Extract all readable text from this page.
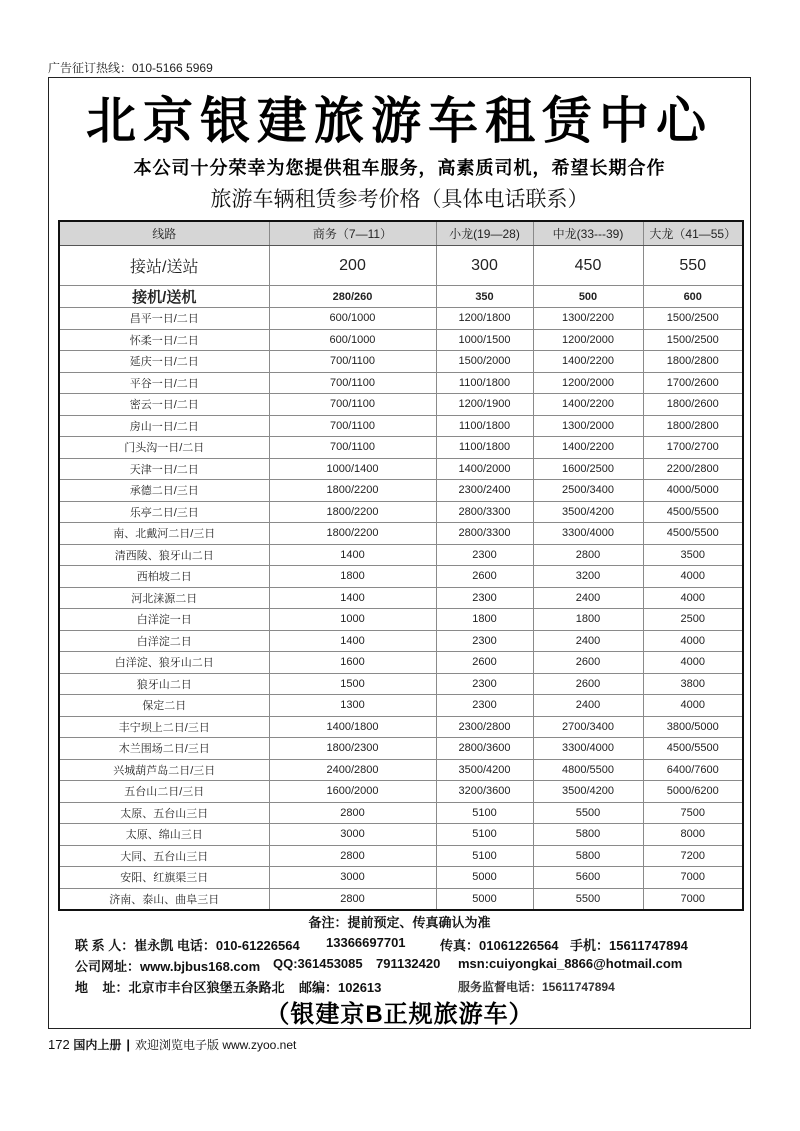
广告征订热线：010-5166 5969
北京银建旅游车租赁中心
本公司十分荣幸为您提供租车服务，高素质司机，希望长期合作
旅游车辆租赁参考价格（具体电话联系）
线路	商务（7—11）	小龙(19—28)	中龙(33---39)	大龙（41—55）
接站/送站	200	300	450	550
接机/送机	280/260	350	500	600
昌平一日/二日	600/1000	1200/1800	1300/2200	1500/2500
怀柔一日/二日	600/1000	1000/1500	1200/2000	1500/2500
延庆一日/二日	700/1100	1500/2000	1400/2200	1800/2800
平谷一日/二日	700/1100	1100/1800	1200/2000	1700/2600
密云一日/二日	700/1100	1200/1900	1400/2200	1800/2600
房山一日/二日	700/1100	1100/1800	1300/2000	1800/2800
门头沟一日/二日	700/1100	1100/1800	1400/2200	1700/2700
天津一日/二日	1000/1400	1400/2000	1600/2500	2200/2800
承德二日/三日	1800/2200	2300/2400	2500/3400	4000/5000
乐亭二日/三日	1800/2200	2800/3300	3500/4200	4500/5500
南、北戴河二日/三日	1800/2200	2800/3300	3300/4000	4500/5500
清西陵、狼牙山二日	1400	2300	2800	3500
西柏坡二日	1800	2600	3200	4000
河北涞源二日	1400	2300	2400	4000
白洋淀一日	1000	1800	1800	2500
白洋淀二日	1400	2300	2400	4000
白洋淀、狼牙山二日	1600	2600	2600	4000
狼牙山二日	1500	2300	2600	3800
保定二日	1300	2300	2400	4000
丰宁坝上二日/三日	1400/1800	2300/2800	2700/3400	3800/5000
木兰围场二日/三日	1800/2300	2800/3600	3300/4000	4500/5500
兴城葫芦岛二日/三日	2400/2800	3500/4200	4800/5500	6400/7600
五台山二日/三日	1600/2000	3200/3600	3500/4200	5000/6200
太原、五台山三日	2800	5100	5500	7500
太原、绵山三日	3000	5100	5800	8000
大同、五台山三日	2800	5100	5800	7200
安阳、红旗渠三日	3000	5000	5600	7000
济南、泰山、曲阜三日	2800	5000	5500	7000
备注：提前预定、传真确认为准
联 系 人：崔永凯 电话：010-61226564 13366697701	传真：01061226564 手机：15611747894
公司网址：www.bjbus168.com QQ:361453085 791132420 msn:cuiyongkai_8866@hotmail.com
地    址：北京市丰台区狼堡五条路北 邮编：102613	服务监督电话：15611747894
（银建京B正规旅游车）
172 国内上册 | 欢迎浏览电子版 www.zyoo.net
